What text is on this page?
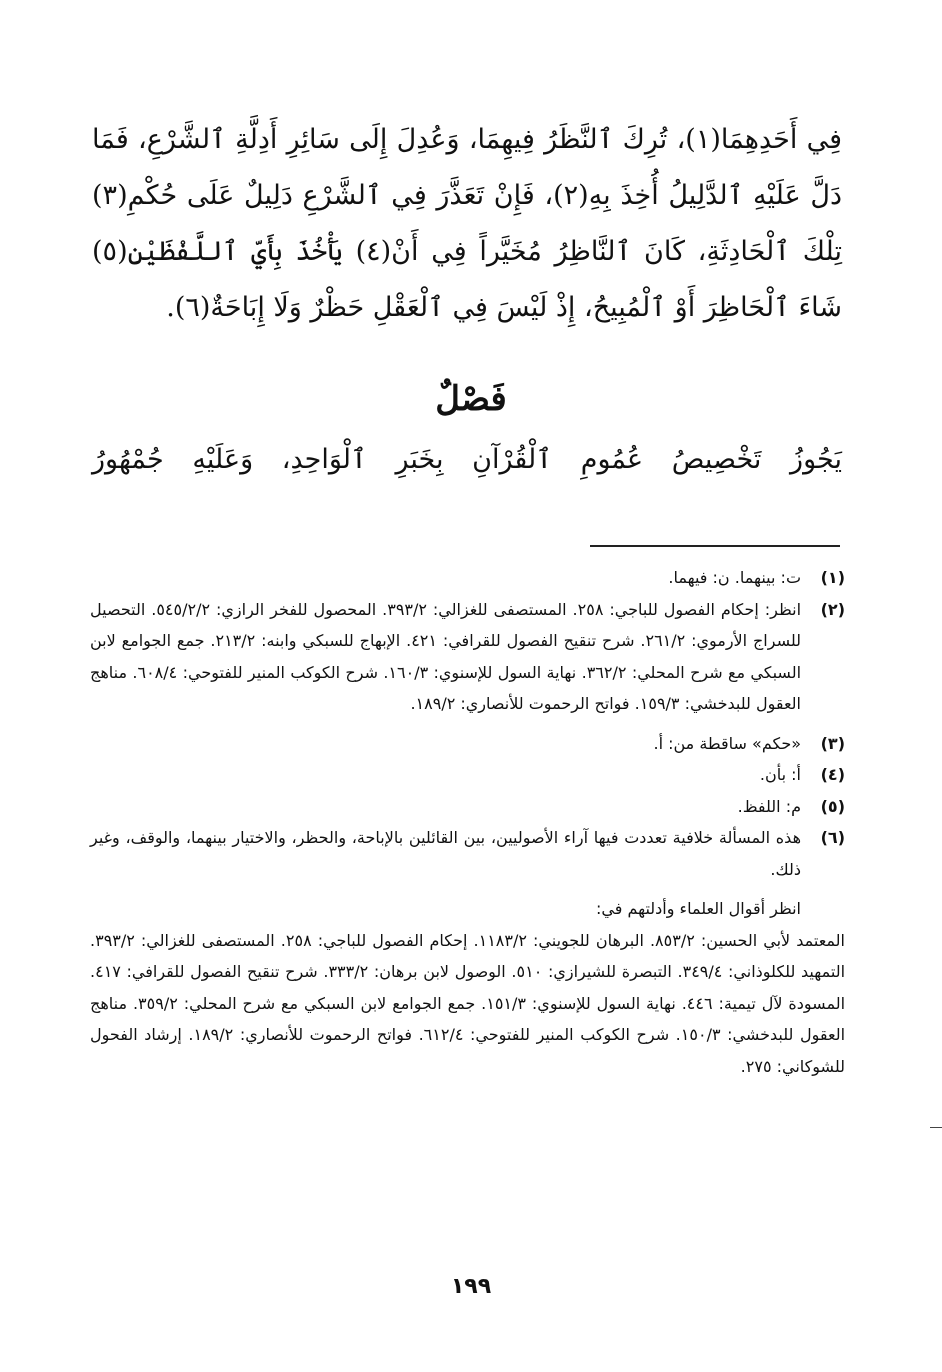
فِي أَحَدِهِمَا(١)، تُرِكَ ٱلنَّظَرُ فِيهِمَا، وَعُدِلَ إِلَى سَائِرِ أَدِلَّةِ ٱلشَّرْعِ، فَمَا دَلَّ عَلَيْهِ ٱلدَّلِيلُ أُخِذَ بِهِ(٢)، فَإِنْ تَعَذَّرَ فِي ٱلشَّرْعِ دَلِيلٌ عَلَى حُكْمِ(٣) تِلْكَ ٱلْحَادِثَةِ، كَانَ ٱلنَّاظِرُ مُخَيَّراً فِي أَنْ(٤) يَأْخُذَ بِأَيِّ ٱللَّفْظَيْنِ(٥) شَاءَ ٱلْحَاظِرَ أَوْ ٱلْمُبِيحُ، إِذْ لَيْسَ فِي ٱلْعَقْلِ حَظْرٌ وَلَا إِبَاحَةٌ(٦).

فَصْلٌ

يَجُوزُ تَخْصِيصُ عُمُومِ ٱلْقُرْآنِ بِخَبَرِ ٱلْوَاحِدِ، وَعَلَيْهِ جُمْهُورُ

(١)
ت: بينهما. ن: فيهما.
(٢)
انظر: إحكام الفصول للباجي: ٢٥٨. المستصفى للغزالي: ٣٩٣/٢. المحصول للفخر الرازي: ٥٤٥/٢/٢. التحصيل للسراج الأرموي: ٢٦١/٢. شرح تنقيح الفصول للقرافي: ٤٢١. الإبهاج للسبكي وابنه: ٢١٣/٢. جمع الجوامع لابن السبكي مع شرح المحلي: ٣٦٢/٢. نهاية السول للإسنوي: ١٦٠/٣. شرح الكوكب المنير للفتوحي: ٦٠٨/٤. مناهج العقول للبدخشي: ١٥٩/٣. فواتح الرحموت للأنصاري: ١٨٩/٢.
(٣)
«حكم» ساقطة من: أ.
(٤)
أ: بأن.
(٥)
م: اللفظ.
(٦)

هذه المسألة خلافية تعددت فيها آراء الأصوليين، بين القائلين بالإباحة، والحظر، والاختيار بينهما، والوقف، وغير ذلك.

انظر أقوال العلماء وأدلتهم في:

المعتمد لأبي الحسين: ٨٥٣/٢. البرهان للجويني: ١١٨٣/٢. إحكام الفصول للباجي: ٢٥٨. المستصفى للغزالي: ٣٩٣/٢. التمهيد للكلوذاني: ٣٤٩/٤. التبصرة للشيرازي: ٥١٠. الوصول لابن برهان: ٣٣٣/٢. شرح تنقيح الفصول للقرافي: ٤١٧. المسودة لآل تيمية: ٤٤٦. نهاية السول للإسنوي: ١٥١/٣. جمع الجوامع لابن السبكي مع شرح المحلي: ٣٥٩/٢. مناهج العقول للبدخشي: ١٥٠/٣. شرح الكوكب المنير للفتوحي: ٦١٢/٤. فواتح الرحموت للأنصاري: ١٨٩/٢. إرشاد الفحول للشوكاني: ٢٧٥.

١٩٩
